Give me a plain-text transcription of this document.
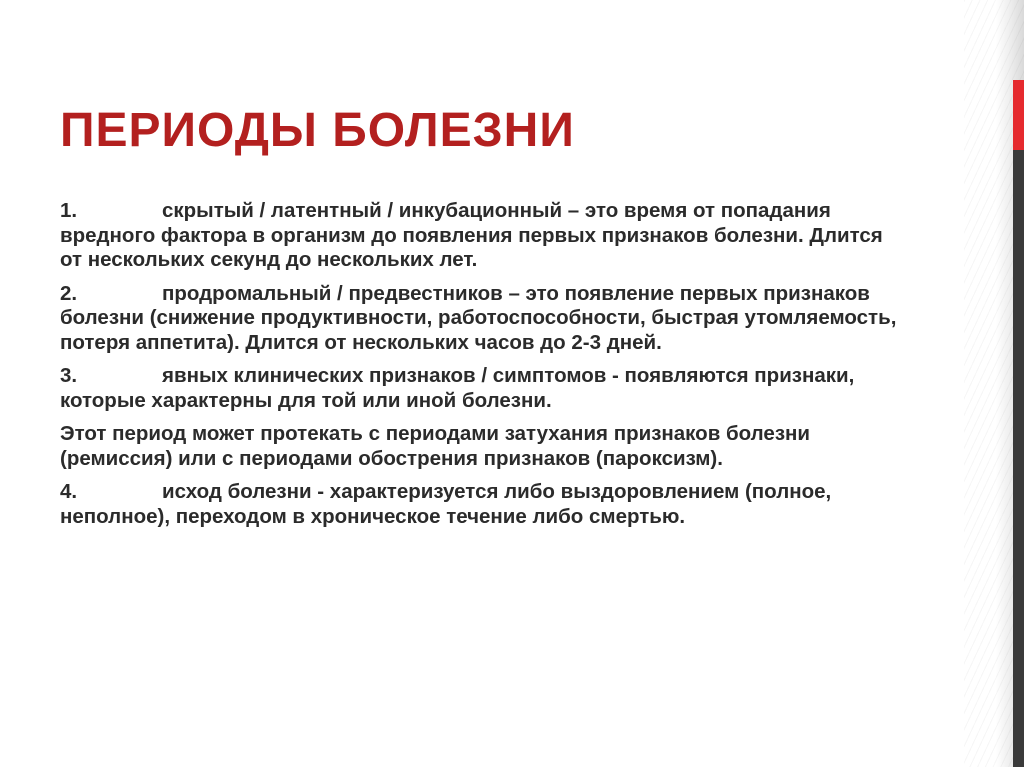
ПЕРИОДЫ БОЛЕЗНИ

1.	скрытый / латентный / инкубационный – это время от попадания вредного фактора в организм до появления первых признаков болезни. Длится от нескольких секунд до нескольких лет.

2.	продромальный / предвестников – это появление первых признаков болезни (снижение продуктивности, работоспособности, быстрая утомляемость, потеря аппетита). Длится от нескольких часов до 2-3 дней.

3.	явных клинических признаков / симптомов - появляются признаки, которые характерны для той или иной болезни.

Этот период может протекать с периодами затухания признаков болезни (ремиссия) или с периодами обострения признаков (пароксизм).

4.	исход болезни - характеризуется либо выздоровлением (полное, неполное), переходом в хроническое течение либо смертью.
